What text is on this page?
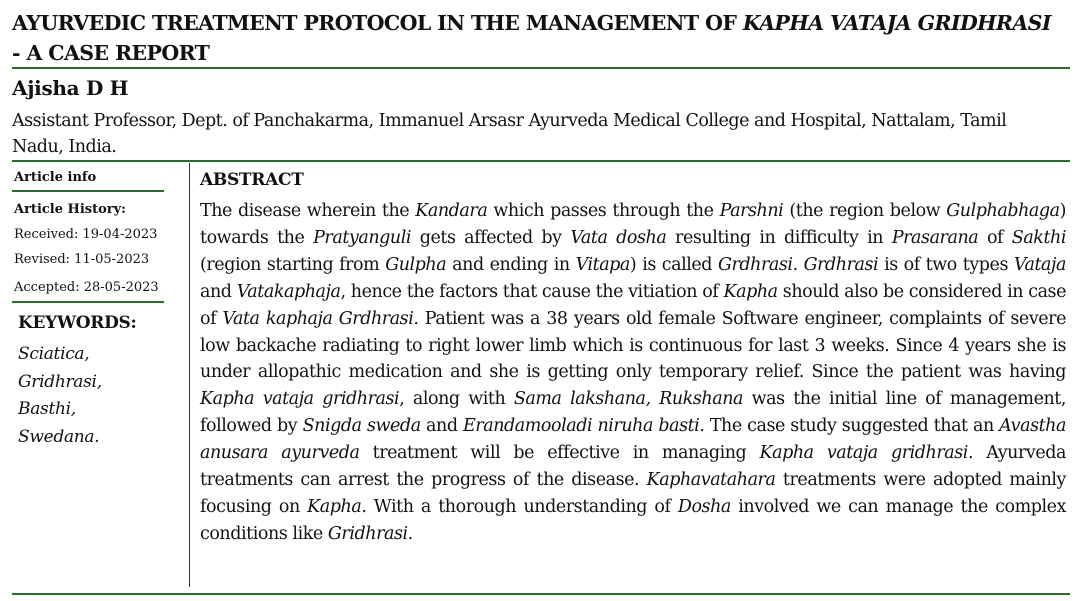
AYURVEDIC TREATMENT PROTOCOL IN THE MANAGEMENT OF KAPHA VATAJA GRIDHRASI - A CASE REPORT
Ajisha D H
Assistant Professor, Dept. of Panchakarma, Immanuel Arsasr Ayurveda Medical College and Hospital, Nattalam, Tamil Nadu, India.
Article info
Article History:
Received: 19-04-2023
Revised: 11-05-2023
Accepted: 28-05-2023
KEYWORDS:
Sciatica,
Gridhrasi,
Basthi,
Swedana.
ABSTRACT
The disease wherein the Kandara which passes through the Parshni (the region below Gulphabhaga) towards the Pratyanguli gets affected by Vata dosha resulting in difficulty in Prasarana of Sakthi (region starting from Gulpha and ending in Vitapa) is called Grdhrasi. Grdhrasi is of two types Vataja and Vatakaphaja, hence the factors that cause the vitiation of Kapha should also be considered in case of Vata kaphaja Grdhrasi. Patient was a 38 years old female Software engineer, complaints of severe low backache radiating to right lower limb which is continuous for last 3 weeks. Since 4 years she is under allopathic medication and she is getting only temporary relief. Since the patient was having Kapha vataja gridhrasi, along with Sama lakshana, Rukshana was the initial line of management, followed by Snigda sweda and Erandamooladi niruha basti. The case study suggested that an Avastha anusara ayurveda treatment will be effective in managing Kapha vataja gridhrasi. Ayurveda treatments can arrest the progress of the disease. Kaphavatahara treatments were adopted mainly focusing on Kapha. With a thorough understanding of Dosha involved we can manage the complex conditions like Gridhrasi.
